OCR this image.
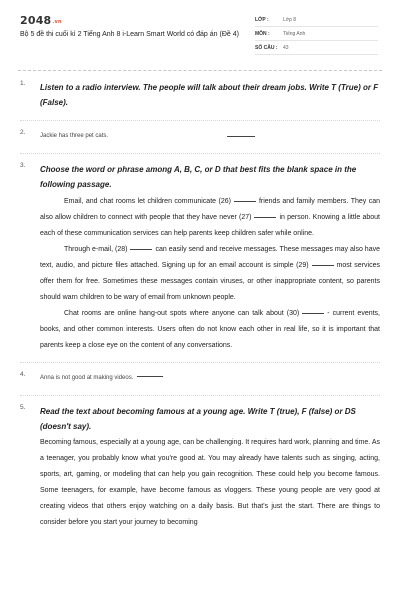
$2048^{.vn}$
Bộ 5 đề thi cuối kì 2 Tiếng Anh 8 i-Learn Smart World có đáp án (Đề 4)
LỚP :	Lớp 8
MÔN :	Tiếng Anh
SỐ CÂU : 43
1. Listen to a radio interview. The people will talk about their dream jobs. Write T (True) or F (False).
2. Jackie has three pet cats.
3. Choose the word or phrase among A, B, C, or D that best fits the blank space in the following passage.

Email, and chat rooms let children communicate (26)	friends and family members. They can also allow children to connect with people that they have never (27)	in person. Knowing a little about each of these communication services can help parents keep children safer while online.

Through e-mail, (28)	can easily send and receive messages. These messages may also have text, audio, and picture files attached. Signing up for an email account is simple (29)	most services offer them for free. Sometimes these messages contain viruses, or other inappropriate content, so parents should warn children to be wary of email from unknown people.

Chat rooms are online hang-out spots where anyone can talk about (30)	- current events, books, and other common interests. Users often do not know each other in real life, so it is important that parents keep a close eye on the content of any conversations.

4. Anna is not good at making videos.
5. Read the text about becoming famous at a young age. Write T (true), F (false) or DS (doesn't say).

Becoming famous, especially at a young age, can be challenging. It requires hard work, planning and time. As a teenager, you probably know what you're good at. You may already have talents such as singing, acting, sports, art, gaming, or modeling that can help you gain recognition. These could help you become famous. Some teenagers, for example, have become famous as vloggers. These young people are very good at creating videos that others enjoy watching on a daily basis. But that's just the start. There are things to consider before you start your journey to becoming
